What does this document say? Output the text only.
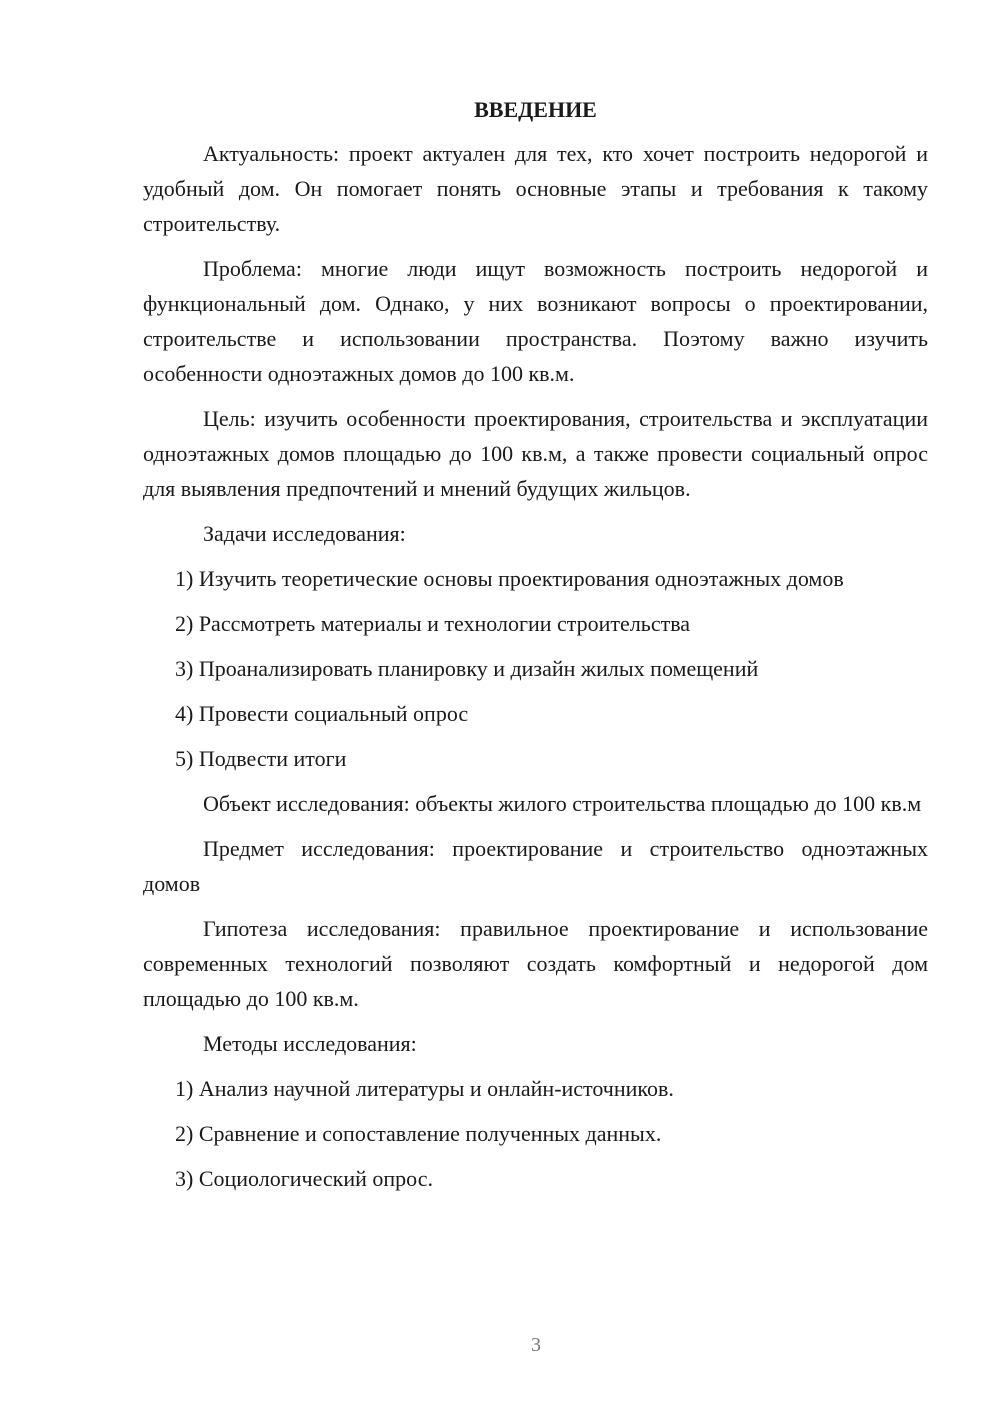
ВВЕДЕНИЕ

Актуальность: проект актуален для тех, кто хочет построить недорогой и удобный дом. Он помогает понять основные этапы и требования к такому строительству.

Проблема: многие люди ищут возможность построить недорогой и функциональный дом. Однако, у них возникают вопросы о проектировании, строительстве и использовании пространства. Поэтому важно изучить особенности одноэтажных домов до 100 кв.м.

Цель: изучить особенности проектирования, строительства и эксплуатации одноэтажных домов площадью до 100 кв.м, а также провести социальный опрос для выявления предпочтений и мнений будущих жильцов.

Задачи исследования:

1) Изучить теоретические основы проектирования одноэтажных домов

2) Рассмотреть материалы и технологии строительства

3) Проанализировать планировку и дизайн жилых помещений

4) Провести социальный опрос

5) Подвести итоги

Объект исследования: объекты жилого строительства площадью до 100 кв.м

Предмет исследования: проектирование и строительство одноэтажных домов

Гипотеза исследования: правильное проектирование и использование современных технологий позволяют создать комфортный и недорогой дом площадью до 100 кв.м.

Методы исследования:

1) Анализ научной литературы и онлайн-источников.

2) Сравнение и сопоставление полученных данных.

3) Социологический опрос.

3
